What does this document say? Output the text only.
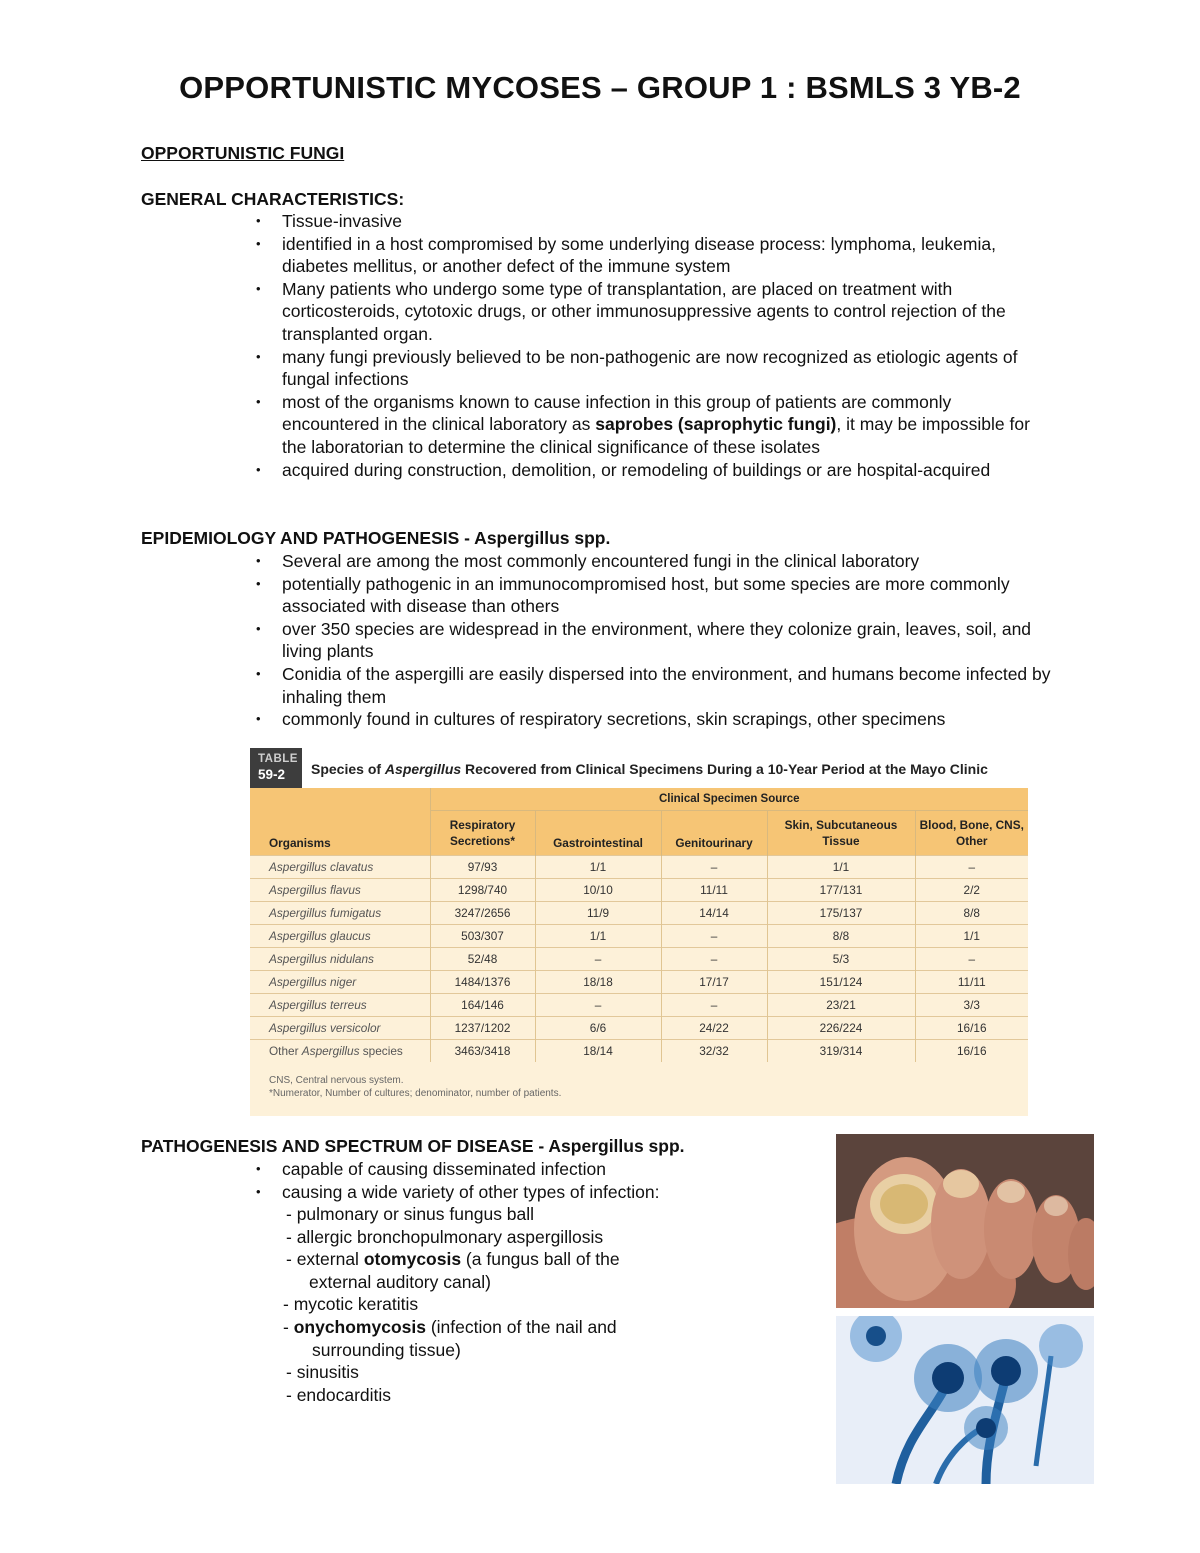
OPPORTUNISTIC MYCOSES – GROUP 1 : BSMLS 3 YB-2
OPPORTUNISTIC FUNGI
GENERAL CHARACTERISTICS:
• Tissue-invasive
• identified in a host compromised by some underlying disease process: lymphoma, leukemia, diabetes mellitus, or another defect of the immune system
• Many patients who undergo some type of transplantation, are placed on treatment with corticosteroids, cytotoxic drugs, or other immunosuppressive agents to control rejection of the transplanted organ.
• many fungi previously believed to be non-pathogenic are now recognized as etiologic agents of fungal infections
• most of the organisms known to cause infection in this group of patients are commonly encountered in the clinical laboratory as saprobes (saprophytic fungi), it may be impossible for the laboratorian to determine the clinical significance of these isolates
• acquired during construction, demolition, or remodeling of buildings or are hospital-acquired
EPIDEMIOLOGY AND PATHOGENESIS - Aspergillus spp.
• Several are among the most commonly encountered fungi in the clinical laboratory
• potentially pathogenic in an immunocompromised host, but some species are more commonly associated with disease than others
• over 350 species are widespread in the environment, where they colonize grain, leaves, soil, and living plants
• Conidia of the aspergilli are easily dispersed into the environment, and humans become infected by inhaling them
• commonly found in cultures of respiratory secretions, skin scrapings, other specimens
TABLE
59-2	Species of Aspergillus Recovered from Clinical Specimens During a 10-Year Period at the Mayo Clinic
	Clinical Specimen Source				
Organisms	Respiratory Secretions*	Gastrointestinal	Genitourinary	Skin, Subcutaneous Tissue	Blood, Bone, CNS, Other
Aspergillus clavatus	97/93	1/1	–	1/1	–
Aspergillus flavus	1298/740	10/10	11/11	177/131	2/2
Aspergillus fumigatus	3247/2656	11/9	14/14	175/137	8/8
Aspergillus glaucus	503/307	1/1	–	8/8	1/1
Aspergillus nidulans	52/48	–	–	5/3	–
Aspergillus niger	1484/1376	18/18	17/17	151/124	11/11
Aspergillus terreus	164/146	–	–	23/21	3/3
Aspergillus versicolor	1237/1202	6/6	24/22	226/224	16/16
Other Aspergillus species	3463/3418	18/14	32/32	319/314	16/16
CNS, Central nervous system.
*Numerator, Number of cultures; denominator, number of patients.
PATHOGENESIS AND SPECTRUM OF DISEASE - Aspergillus spp.
• capable of causing disseminated infection
• causing a wide variety of other types of infection:
- pulmonary or sinus fungus ball
- allergic bronchopulmonary aspergillosis
- external otomycosis (a fungus ball of the
external auditory canal)
- mycotic keratitis
- onychomycosis (infection of the nail and
surrounding tissue)
- sinusitis
- endocarditis
